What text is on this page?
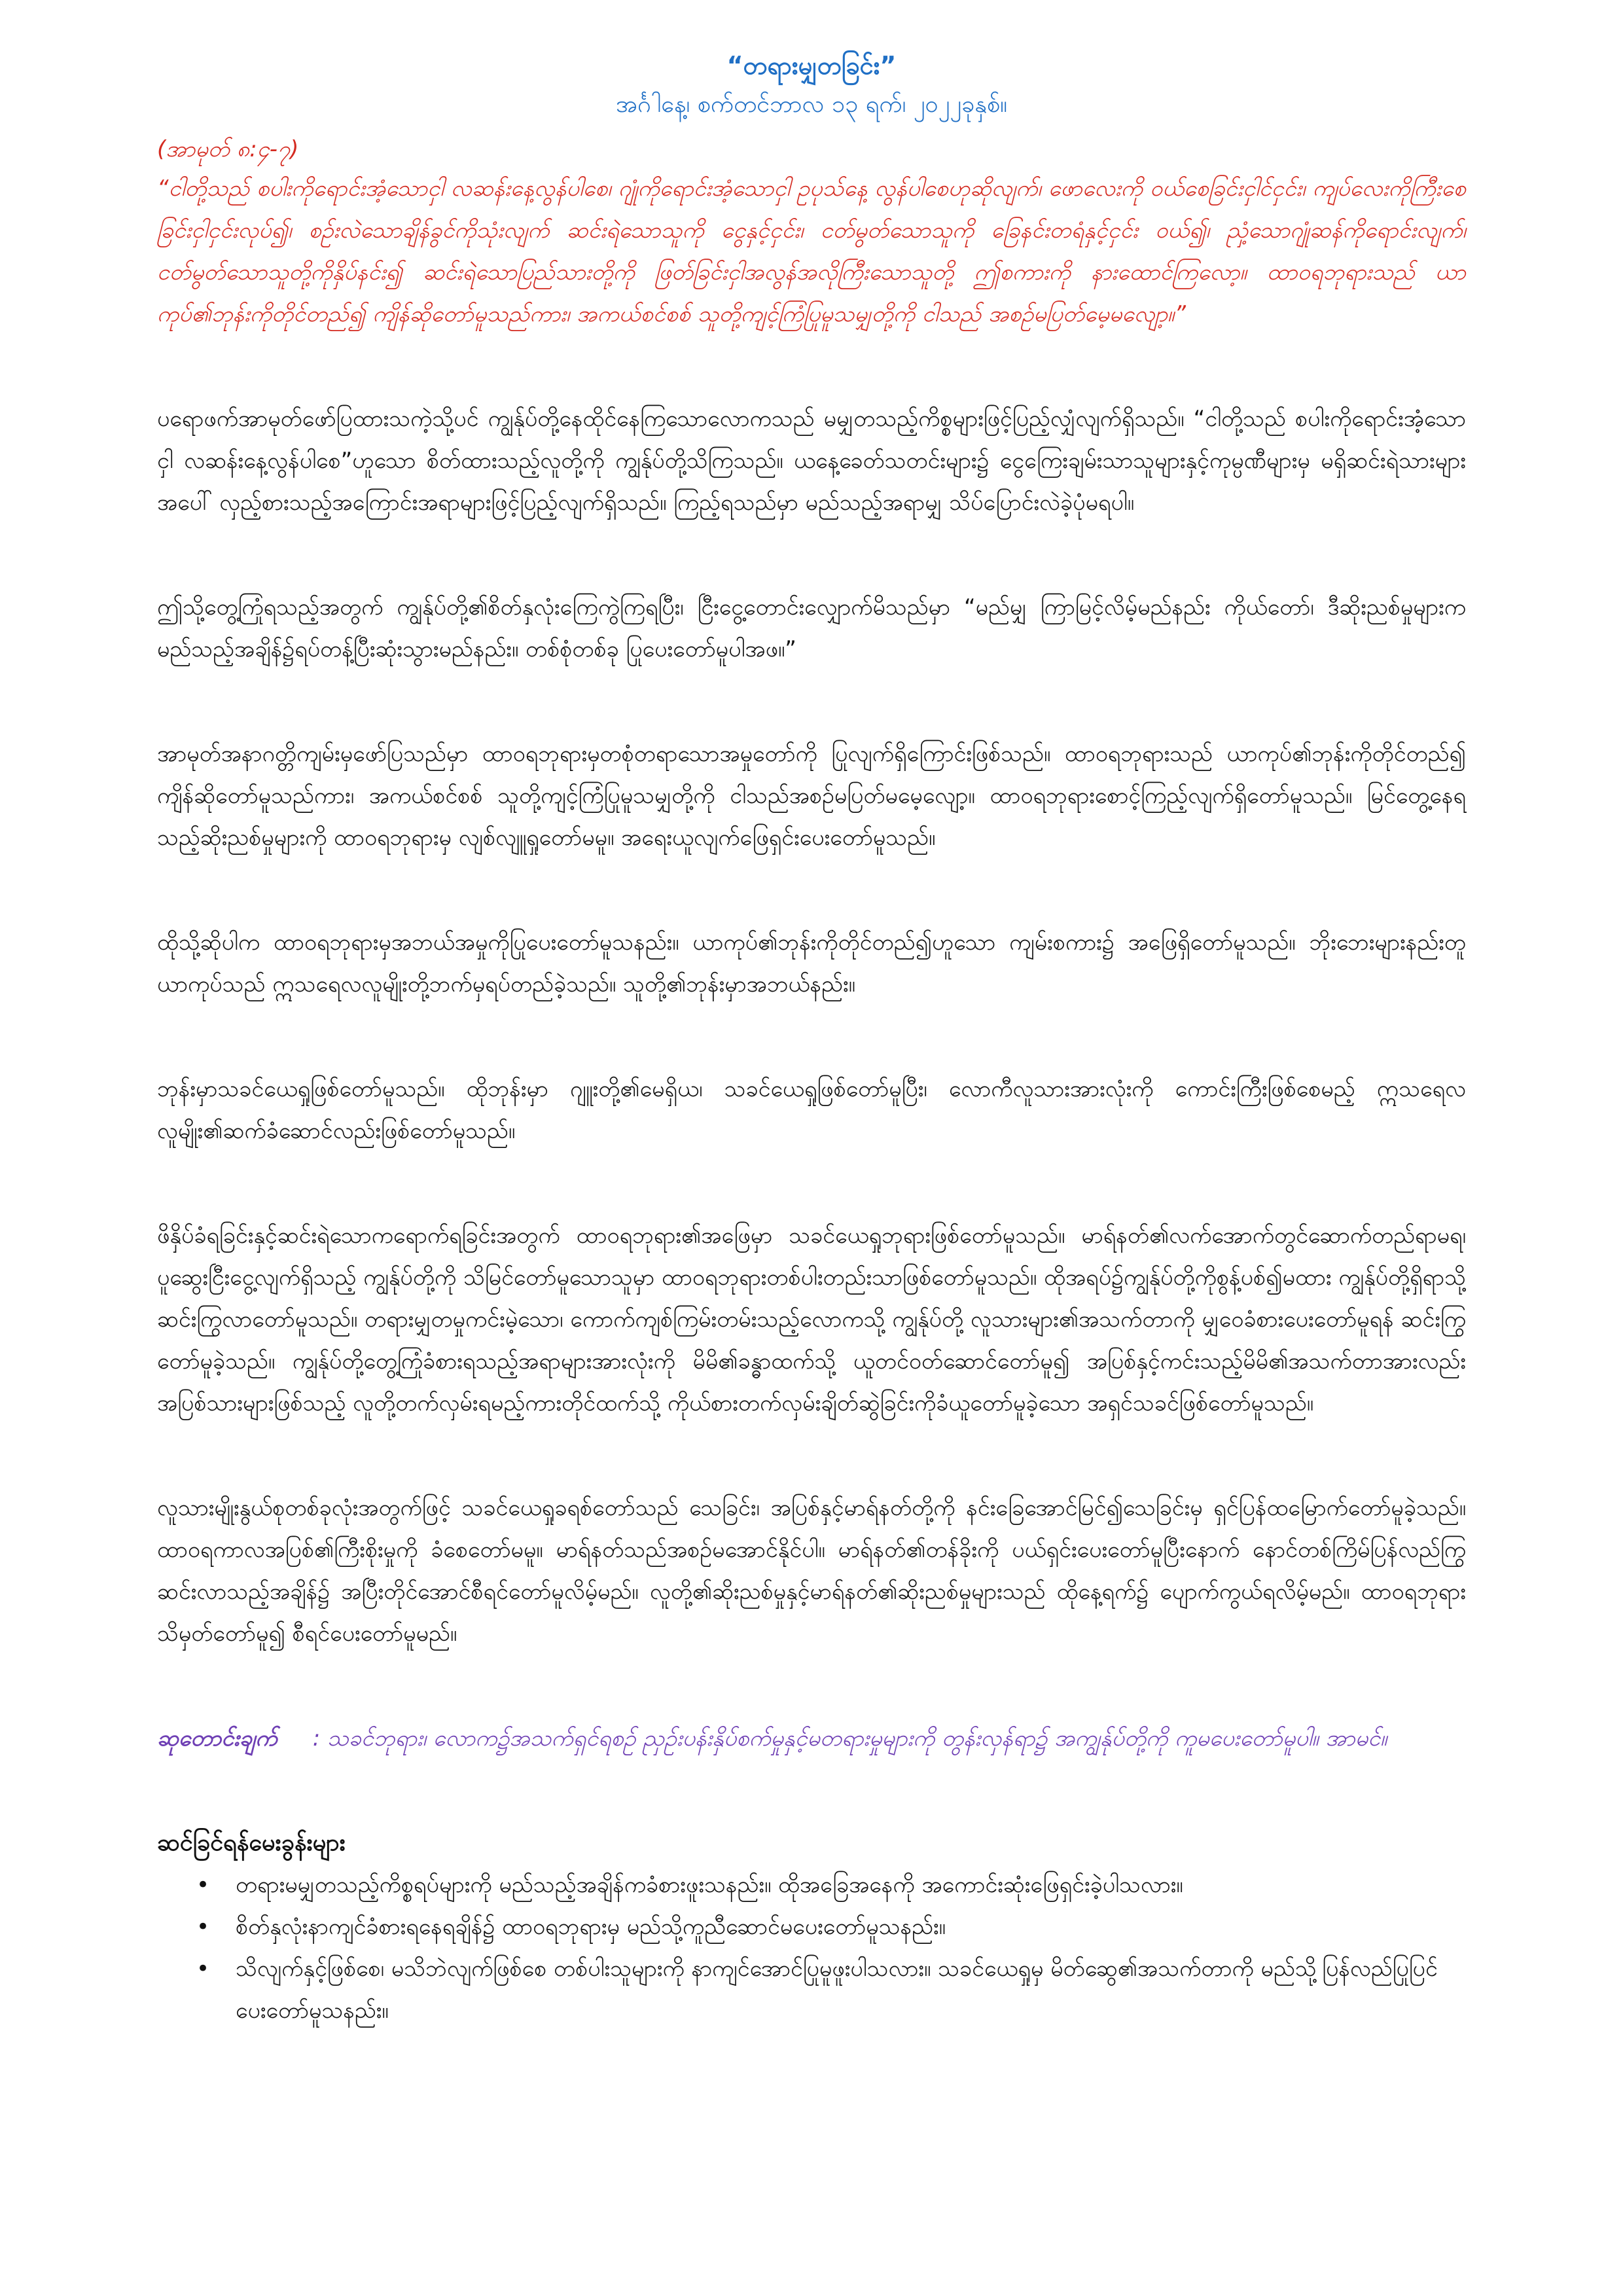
“တရားမျှတခြင်း”

အင်္ဂါနေ့၊ စက်တင်ဘာလ ၁၃ ရက်၊ ၂၀၂၂ခုနှစ်။

(အာမုတ် ၈:၄-၇)

“ငါတို့သည် စပါးကိုရောင်းအံ့သောငှါ လဆန်းနေ့လွန်ပါစေ၊ ဂျုံကိုရောင်းအံ့သောငှါ ဥပုသ်နေ့ လွန်ပါစေဟုဆိုလျက်၊ ဖောလေးကို ဝယ်စေခြင်းငှါင်ငှင်း၊ ကျပ်လေးကိုကြီးစေခြင်းငှါငှင်းလုပ်၍၊ စဉ်းလဲသောချိန်ခွင်ကိုသုံးလျက် ဆင်းရဲသောသူကို ငွေနှင့်ငှင်း၊ ငတ်မွတ်သောသူကို ခြေနင်းတရံနှင့်ငှင်း ဝယ်၍၊ ညှံ့သောဂျုံဆန်ကိုရောင်းလျက်၊ ငတ်မွတ်သောသူတို့ကိုနှိပ်နင်း၍ ဆင်းရဲသောပြည်သားတို့ကို ဖြတ်ခြင်းငှါအလွန်အလိုကြီးသောသူတို့ ဤစကားကို နားထောင်ကြလော့။ ထာဝရဘုရားသည် ယာကုပ်၏ဘုန်းကိုတိုင်တည်၍ ကျိန်ဆိုတော်မူသည်ကား၊ အကယ်စင်စစ် သူတို့ကျင့်ကြံပြုမူသမျှတို့ကို ငါသည် အစဉ်မပြတ်မေ့မလျော့။”

ပရောဖက်အာမုတ်ဖော်ပြထားသကဲ့သို့ပင် ကျွန်ုပ်တို့နေထိုင်နေကြသောလောကသည် မမျှတသည့်ကိစ္စများဖြင့်ပြည့်လျှံလျက်ရှိသည်။ “ငါတို့သည် စပါးကိုရောင်းအံ့သောငှါ လဆန်းနေ့လွန်ပါစေ”ဟူသော စိတ်ထားသည့်လူတို့ကို ကျွန်ုပ်တို့သိကြသည်။ ယနေ့ခေတ်သတင်းများ၌ ငွေကြေးချမ်းသာသူများနှင့်ကုမ္ပဏီများမှ မရှိဆင်းရဲသားများအပေါ် လှည့်စားသည့်အကြောင်းအရာများဖြင့်ပြည့်လျက်ရှိသည်။ ကြည့်ရသည်မှာ မည်သည့်အရာမျှ သိပ်ပြောင်းလဲခဲ့ပုံမရပါ။

ဤသို့တွေ့ကြုံရသည့်အတွက် ကျွန်ုပ်တို့၏စိတ်နှလုံးကြေကွဲကြရပြီး၊ ငြီးငွေ့တောင်းလျှောက်မိသည်မှာ “မည်မျှ ကြာမြင့်လိမ့်မည်နည်း ကိုယ်တော်၊ ဒီဆိုးညစ်မှုများက မည်သည့်အချိန်၌ရပ်တန့်ပြီးဆုံးသွားမည်နည်း။ တစ်စုံတစ်ခု ပြုပေးတော်မူပါအဖ။”

အာမုတ်အနာဂတ္တိကျမ်းမှဖော်ပြသည်မှာ ထာဝရဘုရားမှတစုံတရာသောအမှုတော်ကို ပြုလျက်ရှိကြောင်းဖြစ်သည်။ ထာဝရဘုရားသည် ယာကုပ်၏ဘုန်းကိုတိုင်တည်၍ ကျိန်ဆိုတော်မူသည်ကား၊ အကယ်စင်စစ် သူတို့ကျင့်ကြံပြုမူသမျှတို့ကို ငါသည်အစဉ်မပြတ်မမေ့လျော့။ ထာဝရဘုရားစောင့်ကြည့်လျက်ရှိတော်မူသည်။ မြင်တွေ့နေရသည့်ဆိုးညစ်မှုများကို ထာဝရဘုရားမှ လျစ်လျူရှုတော်မမူ။ အရေးယူလျက်ဖြေရှင်းပေးတော်မူသည်။

ထိုသို့ဆိုပါက ထာဝရဘုရားမှအဘယ်အမှုကိုပြုပေးတော်မူသနည်း။ ယာကုပ်၏ဘုန်းကိုတိုင်တည်၍ဟူသော ကျမ်းစကား၌ အဖြေရှိတော်မူသည်။ ဘိုးဘေးများနည်းတူ ယာကုပ်သည် ဣသရေလလူမျိုးတို့ဘက်မှရပ်တည်ခဲ့သည်။ သူတို့၏ဘုန်းမှာအဘယ်နည်း။

ဘုန်းမှာသခင်ယေရှုဖြစ်တော်မူသည်။ ထိုဘုန်းမှာ ဂျူးတို့၏မေရှိယ၊ သခင်ယေရှုဖြစ်တော်မူပြီး၊ လောကီလူသားအားလုံးကို ကောင်းကြီးဖြစ်စေမည့် ဣသရေလလူမျိုး၏ဆက်ခံဆောင်လည်းဖြစ်တော်မူသည်။

ဖိနှိပ်ခံရခြင်းနှင့်ဆင်းရဲသောကရောက်ရခြင်းအတွက် ထာဝရဘုရား၏အဖြေမှာ သခင်ယေရှုဘုရားဖြစ်တော်မူသည်။ မာရ်နတ်၏လက်အောက်တွင်ဆောက်တည်ရာမရ၊ ပူဆွေးငြီးငွေ့လျက်ရှိသည့် ကျွန်ုပ်တို့ကို သိမြင်တော်မူသောသူမှာ ထာဝရဘုရားတစ်ပါးတည်းသာဖြစ်တော်မူသည်။ ထိုအရပ်၌ကျွန်ုပ်တို့ကိုစွန့်ပစ်၍မထား ကျွန်ုပ်တို့ရှိရာသို့ဆင်းကြွလာတော်မူသည်။ တရားမျှတမှုကင်းမဲ့သော၊ ကောက်ကျစ်ကြမ်းတမ်းသည့်လောကသို့ ကျွန်ုပ်တို့ လူသားများ၏အသက်တာကို မျှဝေခံစားပေးတော်မူရန် ဆင်းကြွတော်မူခဲ့သည်။ ကျွန်ုပ်တို့တွေ့ကြုံခံစားရသည့်အရာများအားလုံးကို မိမိ၏ခန္ဓာထက်သို့ ယူတင်ဝတ်ဆောင်တော်မူ၍ အပြစ်နှင့်ကင်းသည့်မိမိ၏အသက်တာအားလည်း အပြစ်သားများဖြစ်သည့် လူတို့တက်လှမ်းရမည့်ကားတိုင်ထက်သို့ ကိုယ်စားတက်လှမ်းချိတ်ဆွဲခြင်းကိုခံယူတော်မူခဲ့သော အရှင်သခင်ဖြစ်တော်မူသည်။

လူသားမျိုးနွယ်စုတစ်ခုလုံးအတွက်ဖြင့် သခင်ယေရှုခရစ်တော်သည် သေခြင်း၊ အပြစ်နှင့်မာရ်နတ်တို့ကို နင်းခြေအောင်မြင်၍သေခြင်းမှ ရှင်ပြန်ထမြောက်တော်မူခဲ့သည်။ ထာဝရကာလအပြစ်၏ကြီးစိုးမှုကို ခံစေတော်မမူ။ မာရ်နတ်သည်အစဉ်မအောင်နိုင်ပါ။ မာရ်နတ်၏တန်ခိုးကို ပယ်ရှင်းပေးတော်မူပြီးနောက် နောင်တစ်ကြိမ်ပြန်လည်ကြွဆင်းလာသည့်အချိန်၌ အပြီးတိုင်အောင်စီရင်တော်မူလိမ့်မည်။ လူတို့၏ဆိုးညစ်မှုနှင့်မာရ်နတ်၏ဆိုးညစ်မှုများသည် ထိုနေ့ရက်၌ ပျောက်ကွယ်ရလိမ့်မည်။ ထာဝရဘုရားသိမှတ်တော်မူ၍ စီရင်ပေးတော်မူမည်။

ဆုတောင်းချက် : သခင်ဘုရား၊ လောက၌အသက်ရှင်ရစဉ် ညှဉ်းပန်းနှိပ်စက်မှုနှင့်မတရားမှုများကို တွန်းလှန်ရာ၌ အကျွန်ုပ်တို့ကို ကူမပေးတော်မူပါ။ အာမင်။

ဆင်ခြင်ရန်မေးခွန်းများ

• တရားမမျှတသည့်ကိစ္စရပ်များကို မည်သည့်အချိန်ကခံစားဖူးသနည်း။ ထိုအခြေအနေကို အကောင်းဆုံးဖြေရှင်းခဲ့ပါသလား။
• စိတ်နှလုံးနာကျင်ခံစားရနေရချိန်၌ ထာဝရဘုရားမှ မည်သို့ကူညီဆောင်မပေးတော်မူသနည်း။
• သိလျက်နှင့်ဖြစ်စေ၊ မသိဘဲလျက်ဖြစ်စေ တစ်ပါးသူများကို နာကျင်အောင်ပြုမူဖူးပါသလား။ သခင်ယေရှုမှ မိတ်ဆွေ၏အသက်တာကို မည်သို့ပြန်လည်ပြုပြင်ပေးတော်မူသနည်း။
